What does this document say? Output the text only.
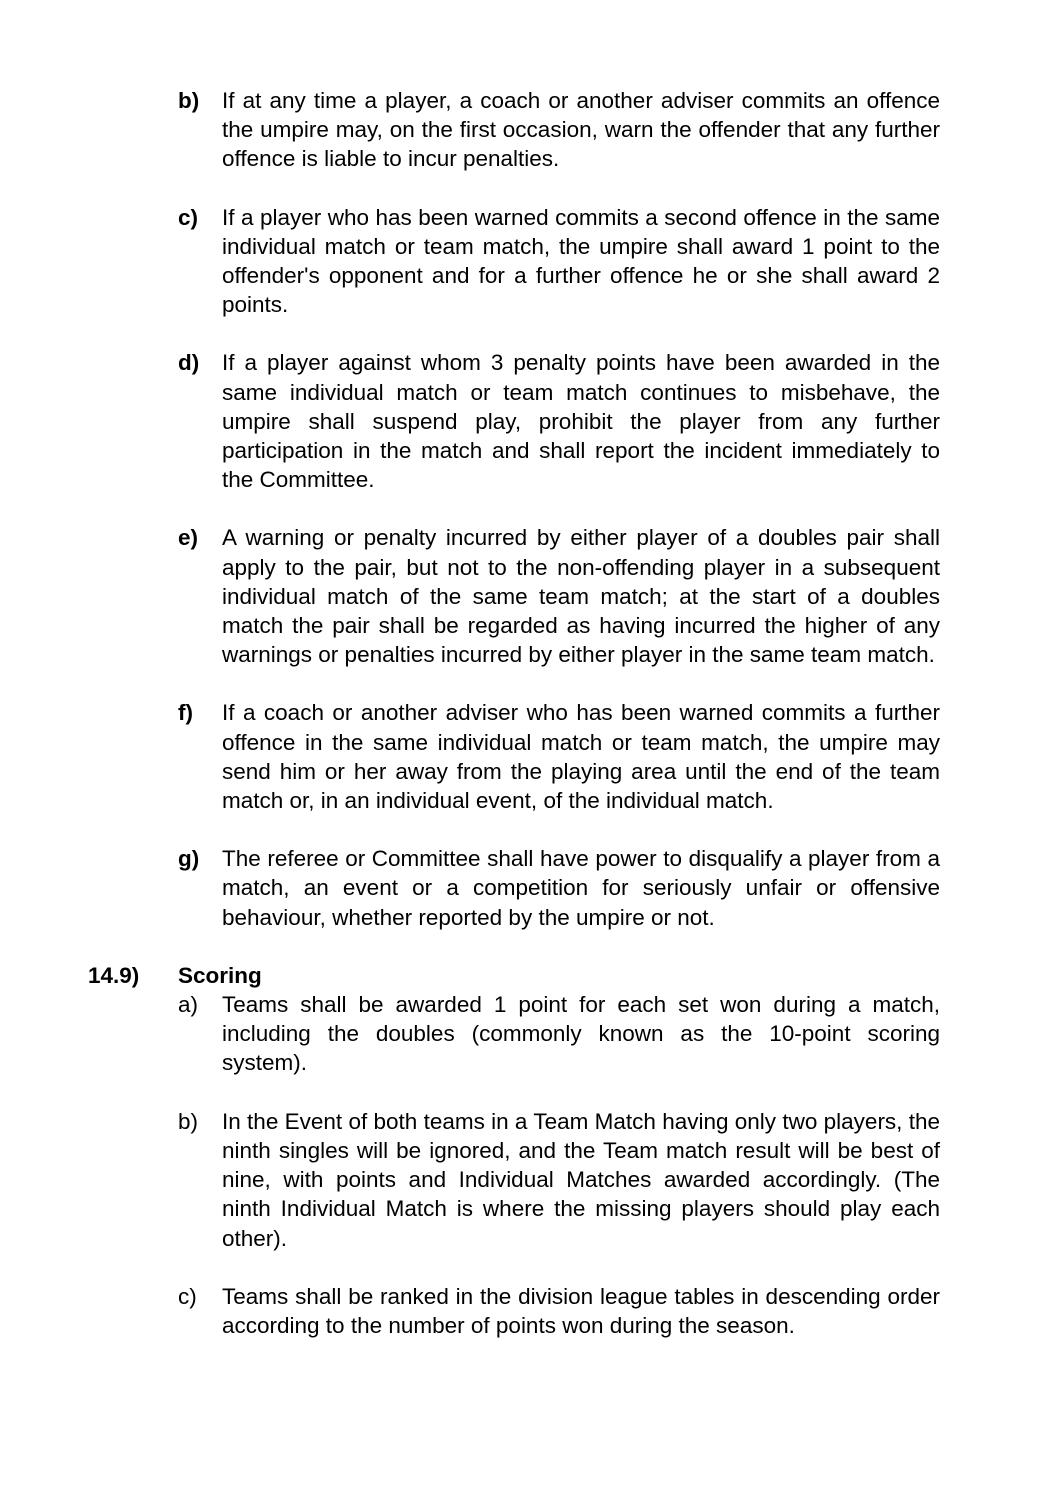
b)	If at any time a player, a coach or another adviser commits an offence the umpire may, on the first occasion, warn the offender that any further offence is liable to incur penalties.
c)	If a player who has been warned commits a second offence in the same individual match or team match, the umpire shall award 1 point to the offender's opponent and for a further offence he or she shall award 2 points.
d)	If a player against whom 3 penalty points have been awarded in the same individual match or team match continues to misbehave, the umpire shall suspend play, prohibit the player from any further participation in the match and shall report the incident immediately to the Committee.
e)	A warning or penalty incurred by either player of a doubles pair shall apply to the pair, but not to the non-offending player in a subsequent individual match of the same team match; at the start of a doubles match the pair shall be regarded as having incurred the higher of any warnings or penalties incurred by either player in the same team match.
f)	If a coach or another adviser who has been warned commits a further offence in the same individual match or team match, the umpire may send him or her away from the playing area until the end of the team match or, in an individual event, of the individual match.
g)	The referee or Committee shall have power to disqualify a player from a match, an event or a competition for seriously unfair or offensive behaviour, whether reported by the umpire or not.
14.9)	Scoring
a)	Teams shall be awarded 1 point for each set won during a match, including the doubles (commonly known as the 10-point scoring system).
b)	In the Event of both teams in a Team Match having only two players, the ninth singles will be ignored, and the Team match result will be best of nine, with points and Individual Matches awarded accordingly. (The ninth Individual Match is where the missing players should play each other).
c)	Teams shall be ranked in the division league tables in descending order according to the number of points won during the season.
